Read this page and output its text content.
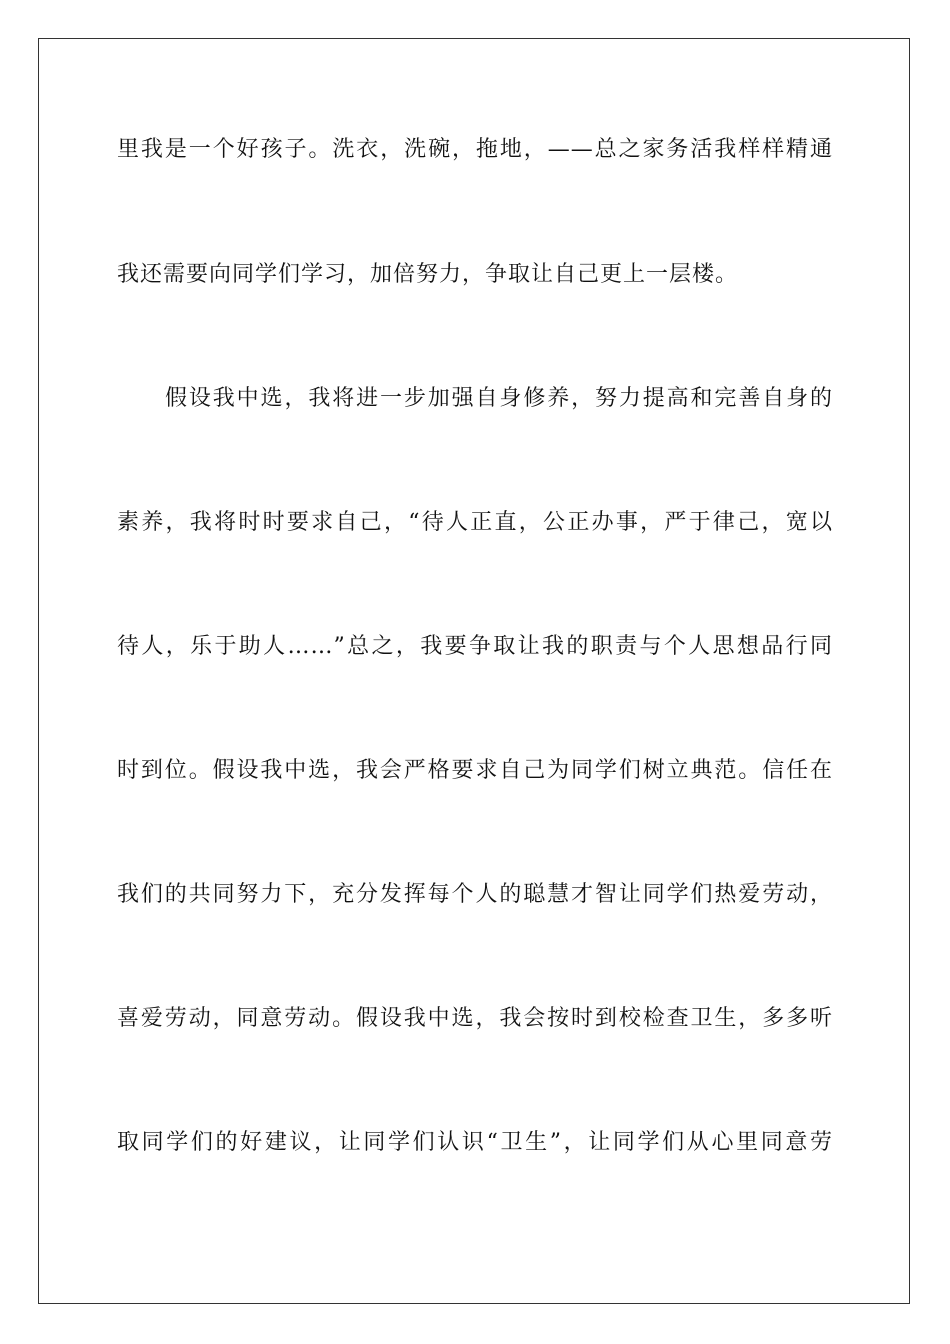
里我是一个好孩子。洗衣，洗碗，拖地，——总之家务活我样样精通
我还需要向同学们学习，加倍努力，争取让自己更上一层楼。
假设我中选，我将进一步加强自身修养，努力提高和完善自身的
素养，我将时时要求自己，“待人正直，公正办事，严于律己，宽以
待人，乐于助人……”总之，我要争取让我的职责与个人思想品行同
时到位。假设我中选，我会严格要求自己为同学们树立典范。信任在
我们的共同努力下，充分发挥每个人的聪慧才智让同学们热爱劳动，
喜爱劳动，同意劳动。假设我中选，我会按时到校检查卫生，多多听
取同学们的好建议，让同学们认识“卫生”，让同学们从心里同意劳
